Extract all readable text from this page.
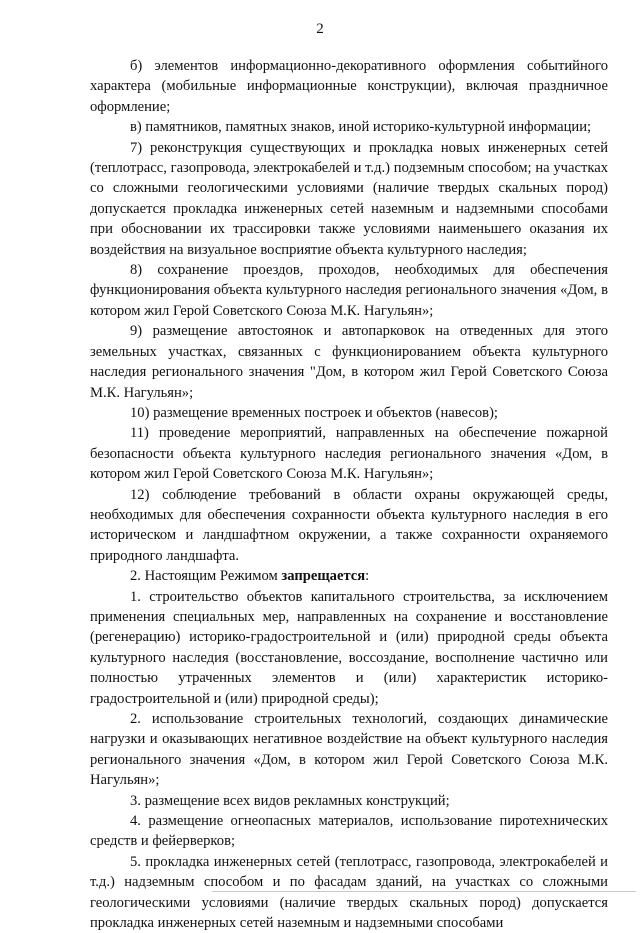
2

б) элементов информационно-декоративного оформления событийного характера (мобильные информационные конструкции), включая праздничное оформление;

в) памятников, памятных знаков, иной историко-культурной информации;

7) реконструкция существующих и прокладка новых инженерных сетей (теплотрасс, газопровода, электрокабелей и т.д.) подземным способом; на участках со сложными геологическими условиями (наличие твердых скальных пород) допускается прокладка инженерных сетей наземным и надземными способами при обосновании их трассировки также условиями наименьшего оказания их воздействия на визуальное восприятие объекта культурного наследия;

8) сохранение проездов, проходов, необходимых для обеспечения функционирования объекта культурного наследия регионального значения «Дом, в котором жил Герой Советского Союза М.К. Нагульян»;

9) размещение автостоянок и автопарковок на отведенных для этого земельных участках, связанных с функционированием объекта культурного наследия регионального значения "Дом, в котором жил Герой Советского Союза М.К. Нагульян»;

10) размещение временных построек и объектов (навесов);

11) проведение мероприятий, направленных на обеспечение пожарной безопасности объекта культурного наследия регионального значения «Дом, в котором жил Герой Советского Союза М.К. Нагульян»;

12) соблюдение требований в области охраны окружающей среды, необходимых для обеспечения сохранности объекта культурного наследия в его историческом и ландшафтном окружении, а также сохранности охраняемого природного ландшафта.

2. Настоящим Режимом запрещается:

1. строительство объектов капитального строительства, за исключением применения специальных мер, направленных на сохранение и восстановление (регенерацию) историко-градостроительной и (или) природной среды объекта культурного наследия (восстановление, воссоздание, восполнение частично или полностью утраченных элементов и (или) характеристик историко-градостроительной и (или) природной среды);

2. использование строительных технологий, создающих динамические нагрузки и оказывающих негативное воздействие на объект культурного наследия регионального значения «Дом, в котором жил Герой Советского Союза М.К. Нагульян»;

3. размещение всех видов рекламных конструкций;

4. размещение огнеопасных материалов, использование пиротехнических средств и фейерверков;

5. прокладка инженерных сетей (теплотрасс, газопровода, электрокабелей и т.д.) надземным способом и по фасадам зданий, на участках со сложными геологическими условиями (наличие твердых скальных пород) допускается прокладка инженерных сетей наземным и надземными способами
